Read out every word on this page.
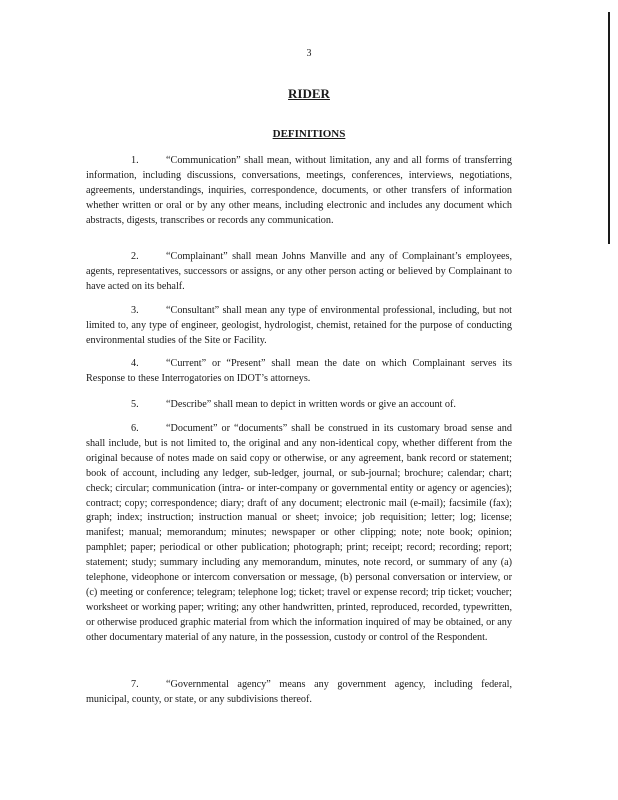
3
RIDER
DEFINITIONS

1.	“Communication” shall mean, without limitation, any and all forms of transferring information, including discussions, conversations, meetings, conferences, interviews, negotiations, agreements, understandings, inquiries, correspondence, documents, or other transfers of information whether written or oral or by any other means, including electronic and includes any document which abstracts, digests, transcribes or records any communication.

2.	“Complainant” shall mean Johns Manville and any of Complainant’s employees, agents, representatives, successors or assigns, or any other person acting or believed by Complainant to have acted on its behalf.

3.	“Consultant” shall mean any type of environmental professional, including, but not limited to, any type of engineer, geologist, hydrologist, chemist, retained for the purpose of conducting environmental studies of the Site or Facility.

4.	“Current” or “Present” shall mean the date on which Complainant serves its Response to these Interrogatories on IDOT’s attorneys.

5.	“Describe” shall mean to depict in written words or give an account of.

6.	“Document” or “documents” shall be construed in its customary broad sense and shall include, but is not limited to, the original and any non-identical copy, whether different from the original because of notes made on said copy or otherwise, or any agreement, bank record or statement; book of account, including any ledger, sub-ledger, journal, or sub-journal; brochure; calendar; chart; check; circular; communication (intra- or inter-company or governmental entity or agency or agencies); contract; copy; correspondence; diary; draft of any document; electronic mail (e-mail); facsimile (fax); graph; index; instruction; instruction manual or sheet; invoice; job requisition; letter; log; license; manifest; manual; memorandum; minutes; newspaper or other clipping; note; note book; opinion; pamphlet; paper; periodical or other publication; photograph; print; receipt; record; recording; report; statement; study; summary including any memorandum, minutes, note record, or summary of any (a) telephone, videophone or intercom conversation or message, (b) personal conversation or interview, or (c) meeting or conference; telegram; telephone log; ticket; travel or expense record; trip ticket; voucher; worksheet or working paper; writing; any other handwritten, printed, reproduced, recorded, typewritten, or otherwise produced graphic material from which the information inquired of may be obtained, or any other documentary material of any nature, in the possession, custody or control of the Respondent.

7.	“Governmental agency” means any government agency, including federal, municipal, county, or state, or any subdivisions thereof.
